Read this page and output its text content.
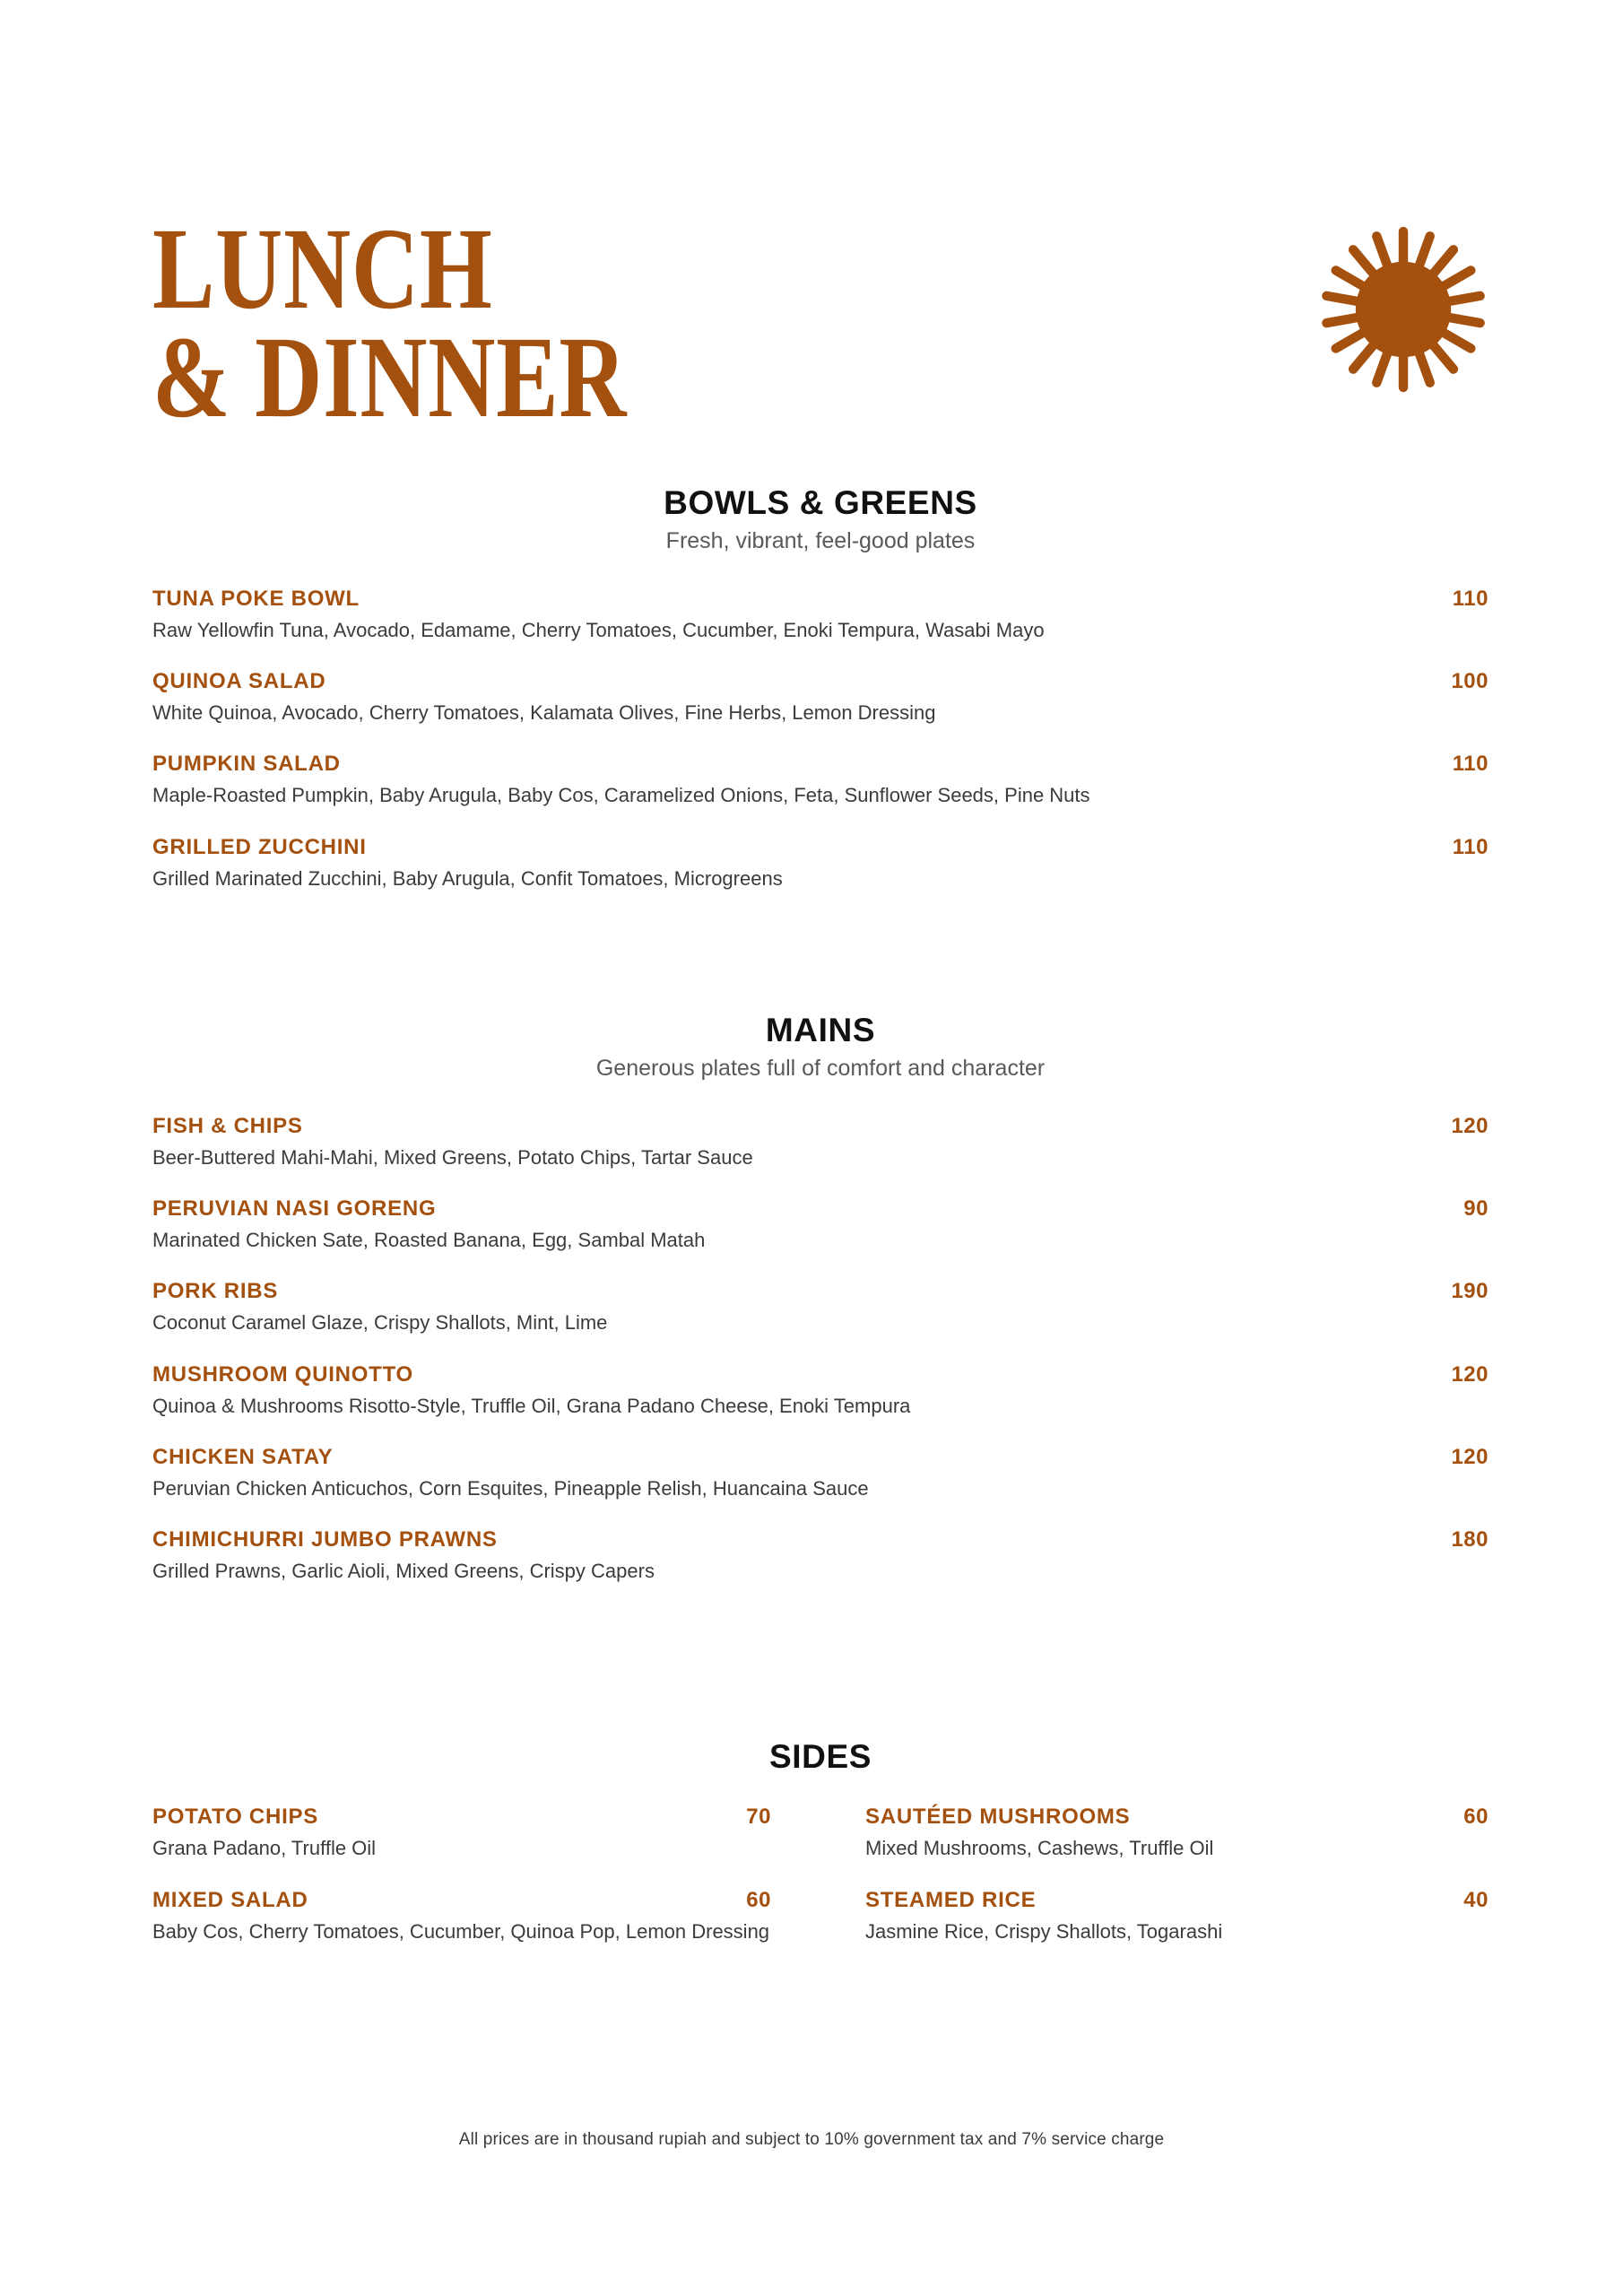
LUNCH
& DINNER
BOWLS & GREENS
Fresh, vibrant, feel-good plates
TUNA POKE BOWL	110
Raw Yellowfin Tuna, Avocado, Edamame, Cherry Tomatoes, Cucumber, Enoki Tempura, Wasabi Mayo
QUINOA SALAD	100
White Quinoa, Avocado, Cherry Tomatoes, Kalamata Olives, Fine Herbs, Lemon Dressing
PUMPKIN SALAD	110
Maple-Roasted Pumpkin, Baby Arugula, Baby Cos, Caramelized Onions, Feta, Sunflower Seeds, Pine Nuts
GRILLED ZUCCHINI	110
Grilled Marinated Zucchini, Baby Arugula, Confit Tomatoes, Microgreens
MAINS
Generous plates full of comfort and character
FISH & CHIPS	120
Beer-Buttered Mahi-Mahi, Mixed Greens, Potato Chips, Tartar Sauce
PERUVIAN NASI GORENG	90
Marinated Chicken Sate, Roasted Banana, Egg, Sambal Matah
PORK RIBS	190
Coconut Caramel Glaze, Crispy Shallots, Mint, Lime
MUSHROOM QUINOTTO	120
Quinoa & Mushrooms Risotto-Style, Truffle Oil, Grana Padano Cheese, Enoki Tempura
CHICKEN SATAY	120
Peruvian Chicken Anticuchos, Corn Esquites, Pineapple Relish, Huancaina Sauce
CHIMICHURRI JUMBO PRAWNS	180
Grilled Prawns, Garlic Aioli, Mixed Greens, Crispy Capers
SIDES
POTATO CHIPS	70
Grana Padano, Truffle Oil
SAUTÉED MUSHROOMS	60
Mixed Mushrooms, Cashews, Truffle Oil
MIXED SALAD	60
Baby Cos, Cherry Tomatoes, Cucumber, Quinoa Pop, Lemon Dressing
STEAMED RICE	40
Jasmine Rice, Crispy Shallots, Togarashi
All prices are in thousand rupiah and subject to 10% government tax and 7% service charge
